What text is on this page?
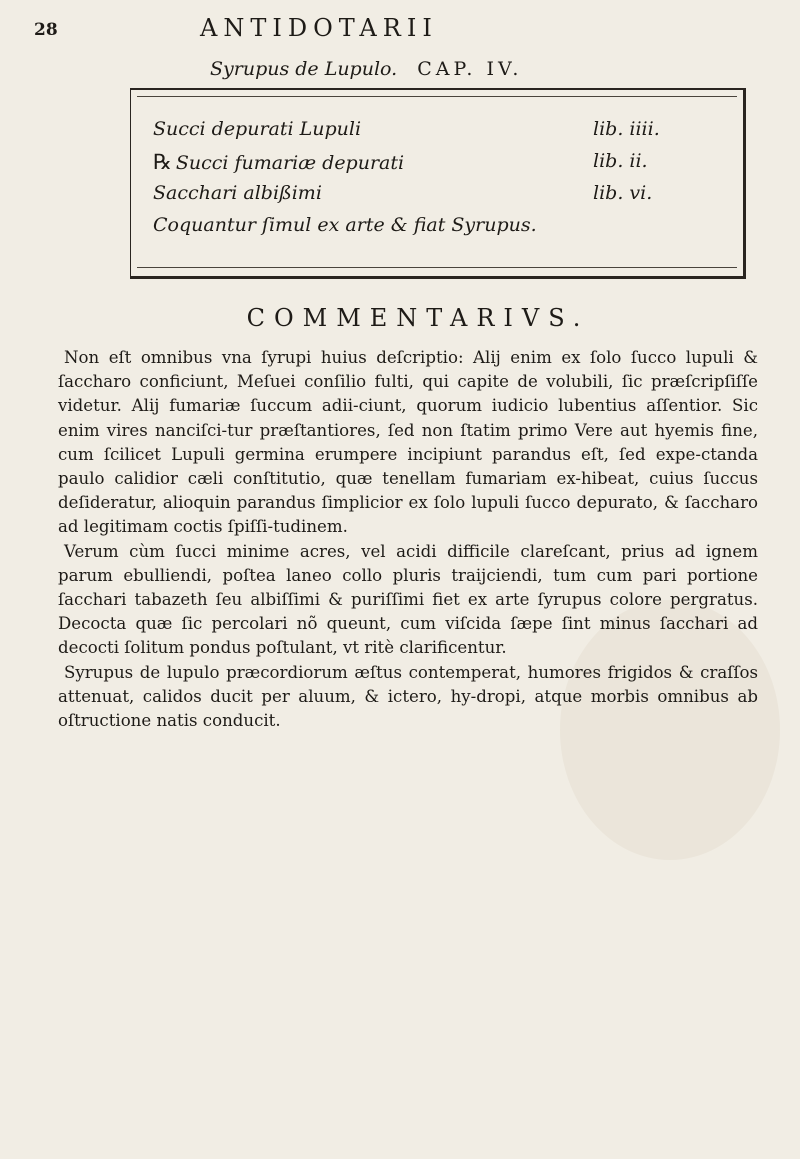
28	ANTIDOTARII
Syrupus de Lupulo. CAP. IV.
Succi depurati Lupuli	lib. iiii.
℞ Succi fumariæ depurati	lib. ii.
Sacchari albißimi	lib. vi.
Coquantur ſimul ex arte & fiat Syrupus.
COMMENTARIVS.

Non eſt omnibus vna ſyrupi huius deſcriptio: Alij enim ex ſolo ſucco lupuli & ſaccharo conficiunt, Meſuei conſilio fulti, qui capite de volubili, ſic præſcripſiſſe videtur. Alij fumariæ ſuccum adii-ciunt, quorum iudicio lubentius aſſentior. Sic enim vires nanciſci-tur præſtantiores, ſed non ſtatim primo Vere aut hyemis fine, cum ſcilicet Lupuli germina erumpere incipiunt parandus eſt, ſed expe-ctanda paulo calidior cæli conſtitutio, quæ tenellam fumariam ex-hibeat, cuius ſuccus deſideratur, alioquin parandus ſimplicior ex ſolo lupuli ſucco depurato, & ſaccharo ad legitimam coctis ſpiſſi-tudinem.

Verum cùm ſucci minime acres, vel acidi difficile clareſcant, prius ad ignem parum ebulliendi, poſtea laneo collo pluris traijciendi, tum cum pari portione ſacchari tabazeth ſeu albiſſimi & puriſſimi fiet ex arte ſyrupus colore pergratus. Decocta quæ ſic percolari nõ queunt, cum viſcida ſæpe ſint minus ſacchari ad decocti ſolitum pondus poſtulant, vt ritè clarificentur.

Syrupus de lupulo præcordiorum æſtus contemperat, humores frigidos & craſſos attenuat, calidos ducit per aluum, & ictero, hy-dropi, atque morbis omnibus ab oſtructione natis conducit.
